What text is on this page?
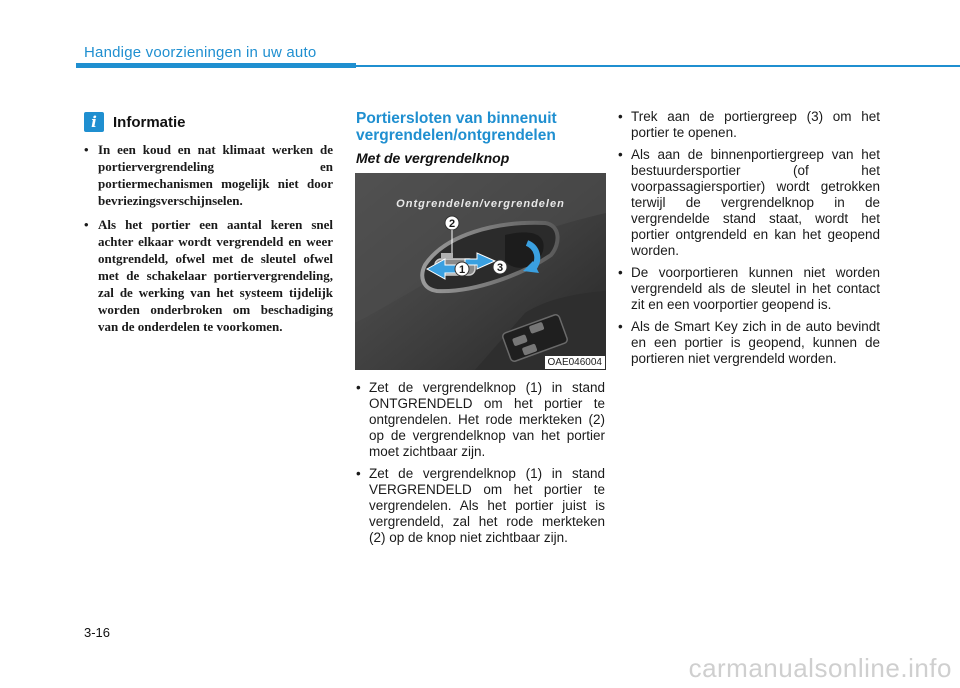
Handige voorzieningen in uw auto
i	Informatie
• In een koud en nat klimaat werken de portiervergrendeling en portiermechanismen mogelijk niet door bevriezingsverschijnselen.
• Als het portier een aantal keren snel achter elkaar wordt vergrendeld en weer ontgrendeld, ofwel met de sleutel ofwel met de schakelaar portiervergrendeling, zal de werking van het systeem tijdelijk worden onderbroken om beschadiging van de onderdelen te voorkomen.
Portiersloten van binnenuit vergrendelen/ontgrendelen
Met de vergrendelknop
2
1	3
Ontgrendelen/vergrendelen
OAE046004
• Zet de vergrendelknop (1) in stand ONTGRENDELD om het portier te ontgrendelen. Het rode merkteken (2) op de vergrendelknop van het portier moet zichtbaar zijn.
• Zet de vergrendelknop (1) in stand VERGRENDELD om het portier te vergrendelen. Als het portier juist is vergrendeld, zal het rode merkteken (2) op de knop niet zichtbaar zijn.
• Trek aan de portiergreep (3) om het portier te openen.
• Als aan de binnenportiergreep van het bestuurdersportier (of het voorpassagiersportier) wordt getrokken terwijl de vergrendelknop in de vergrendelde stand staat, wordt het portier ontgrendeld en kan het geopend worden.
• De voorportieren kunnen niet worden vergrendeld als de sleutel in het contact zit en een voorportier geopend is.
• Als de Smart Key zich in de auto bevindt en een portier is geopend, kunnen de portieren niet vergrendeld worden.
3-16
carmanualsonline.info
